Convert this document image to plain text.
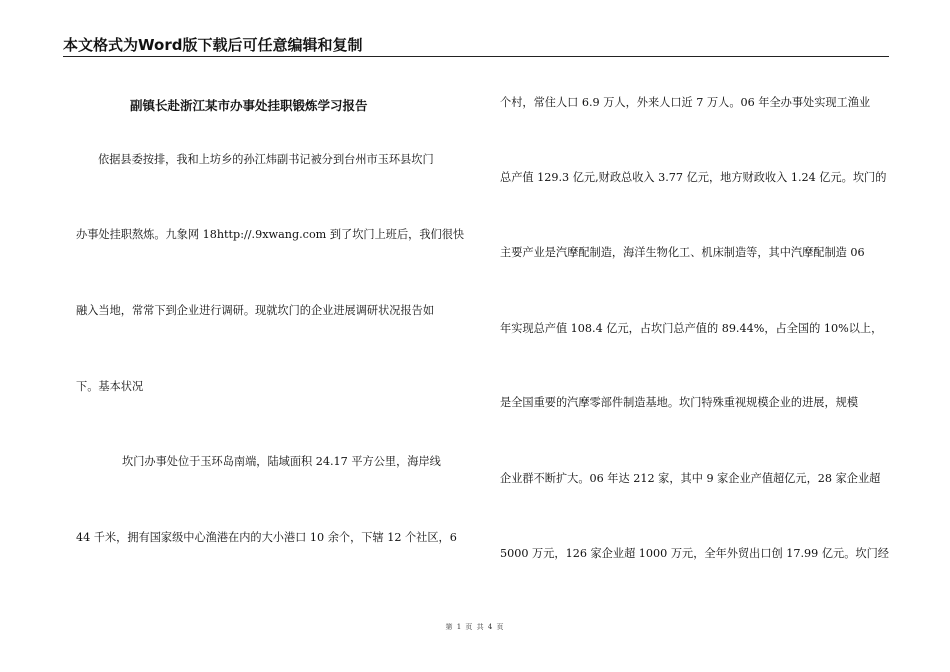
本文格式为Word版下载后可任意编辑和复制
副镇长赴浙江某市办事处挂职锻炼学习报告
依据县委按排，我和上坊乡的孙江炜副书记被分到台州市玉环县坎门
办事处挂职熬炼。九象网 18http://.9xwang.com 到了坎门上班后，我们很快
融入当地，常常下到企业进行调研。现就坎门的企业进展调研状况报告如
下。基本状况
坎门办事处位于玉环岛南端，陆域面积 24.17 平方公里，海岸线
44 千米，拥有国家级中心渔港在内的大小港口 10 余个，下辖 12 个社区，6
个村，常住人口 6.9 万人，外来人口近 7 万人。06 年全办事处实现工渔业
总产值 129.3 亿元,财政总收入 3.77 亿元，地方财政收入 1.24 亿元。坎门的
主要产业是汽摩配制造，海洋生物化工、机床制造等，其中汽摩配制造 06
年实现总产值 108.4 亿元，占坎门总产值的 89.44%，占全国的 10%以上，
是全国重要的汽摩零部件制造基地。坎门特殊重视规模企业的进展，规模
企业群不断扩大。06 年达 212 家，其中 9 家企业产值超亿元，28 家企业超
5000 万元，126 家企业超 1000 万元，全年外贸出口创 17.99 亿元。坎门经
第 1 页 共 4 页
